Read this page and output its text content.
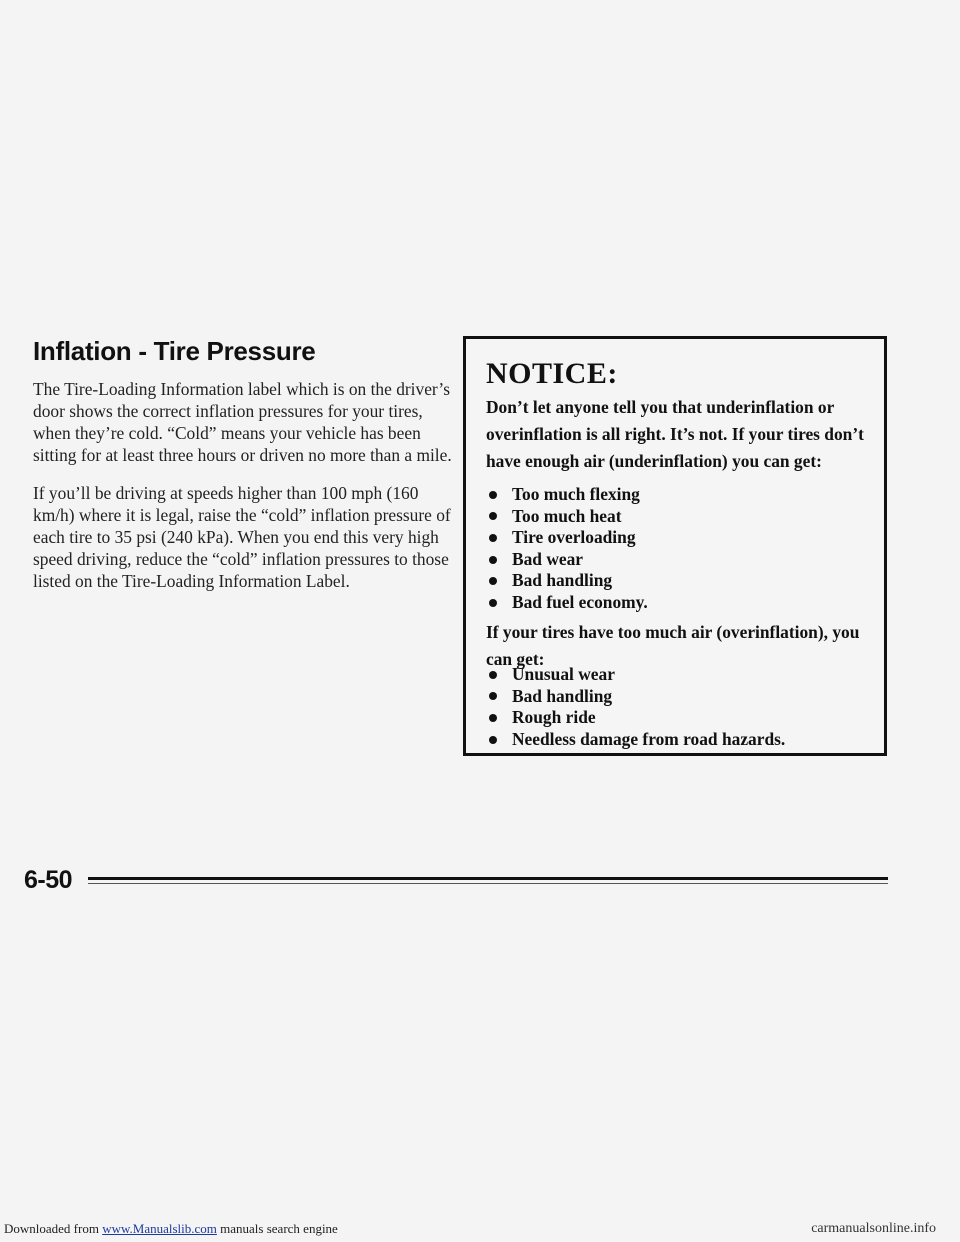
Inflation - Tire Pressure

The Tire-Loading Information label which is on the driver’s door shows the correct inflation pressures for your tires, when they’re cold. “Cold” means your vehicle has been sitting for at least three hours or driven no more than a mile.

If you’ll be driving at speeds higher than 100 mph (160 km/h) where it is legal, raise the “cold” inflation pressure of each tire to 35 psi (240 kPa). When you end this very high speed driving, reduce the “cold” inflation pressures to those listed on the Tire-Loading Information Label.

NOTICE:

Don’t let anyone tell you that underinflation or overinflation is all right. It’s not. If your tires don’t have enough air (underinflation) you can get:

Too much flexing
Too much heat
Tire overloading
Bad wear
Bad handling
Bad fuel economy.

If your tires have too much air (overinflation), you can get:

Unusual wear
Bad handling
Rough ride
Needless damage from road hazards.

6-50

Downloaded from www.Manualslib.com manuals search engine	carmanualsonline.info
